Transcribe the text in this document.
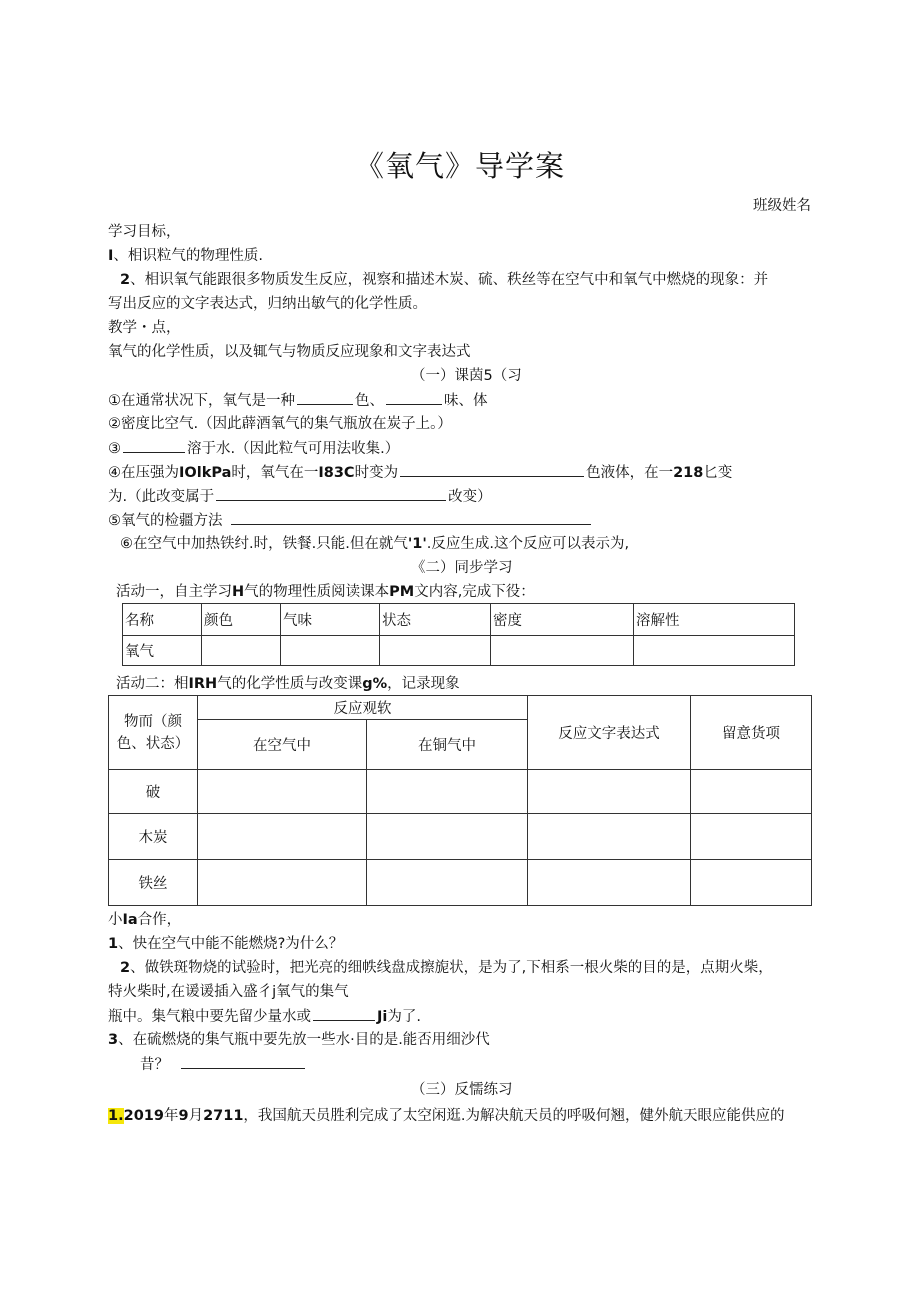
《氧气》导学案
班级姓名
学习目标，
I、相识粒气的物理性质.
2、相识氧气能跟很多物质发生反应，视察和描述木炭、硫、秩丝等在空气中和氧气中燃烧的现象：并
写出反应的文字表达式，归纳出敏气的化学性质。
教学・点，
氧气的化学性质，以及辄气与物质反应现象和文字表达式
（一）课茵5（习
①在通常状况下，氧气是一种	色、	味、体
②密度比空气.（因此薜酒氧气的集气瓶放在炭子上。）
③	溶于水.（因此粒气可用法收集.）
④在压强为IOlkPa时，氧气在一I83C时变为	色液体，在一218匕变
为.（此改变属于	改变）
⑤氧气的检疆方法
⑥在空气中加热铁纣.时，铁餐.只能.但在就气'1'.反应生成.这个反应可以表示为,
《二）同步学习
活动一，自主学习H气的物理性质阅读课本PM文内容,完成下役：
名称	颜色	气味	状态	密度	溶解性
氧气					
活动二：相IRH气的化学性质与改变课g%，记录现象
物而（颜
色、状态）	反应观软		反应文字表达式	留意货项
	在空气中	在铜气中		
破				
木炭				
铁丝				
小Ia合作，
1、快在空气中能不能燃烧?为什么？
2、做铁斑物烧的试验时，把光亮的细帙线盘成擦旎状，是为了,下相系一根火柴的目的是，点期火柴，
特火柴时,在谖谖插入盛彳j氧气的集气
瓶中。集气粮中要先留少量水或	Ji为了.
3、在硫燃烧的集气瓶中要先放一些水·目的是.能否用细沙代
昔？
（三）反懦练习
1.2019年9月2711，我国航天员胜利完成了太空闲逛.为解决航天员的呼吸何翘，健外航天眼应能供应的
